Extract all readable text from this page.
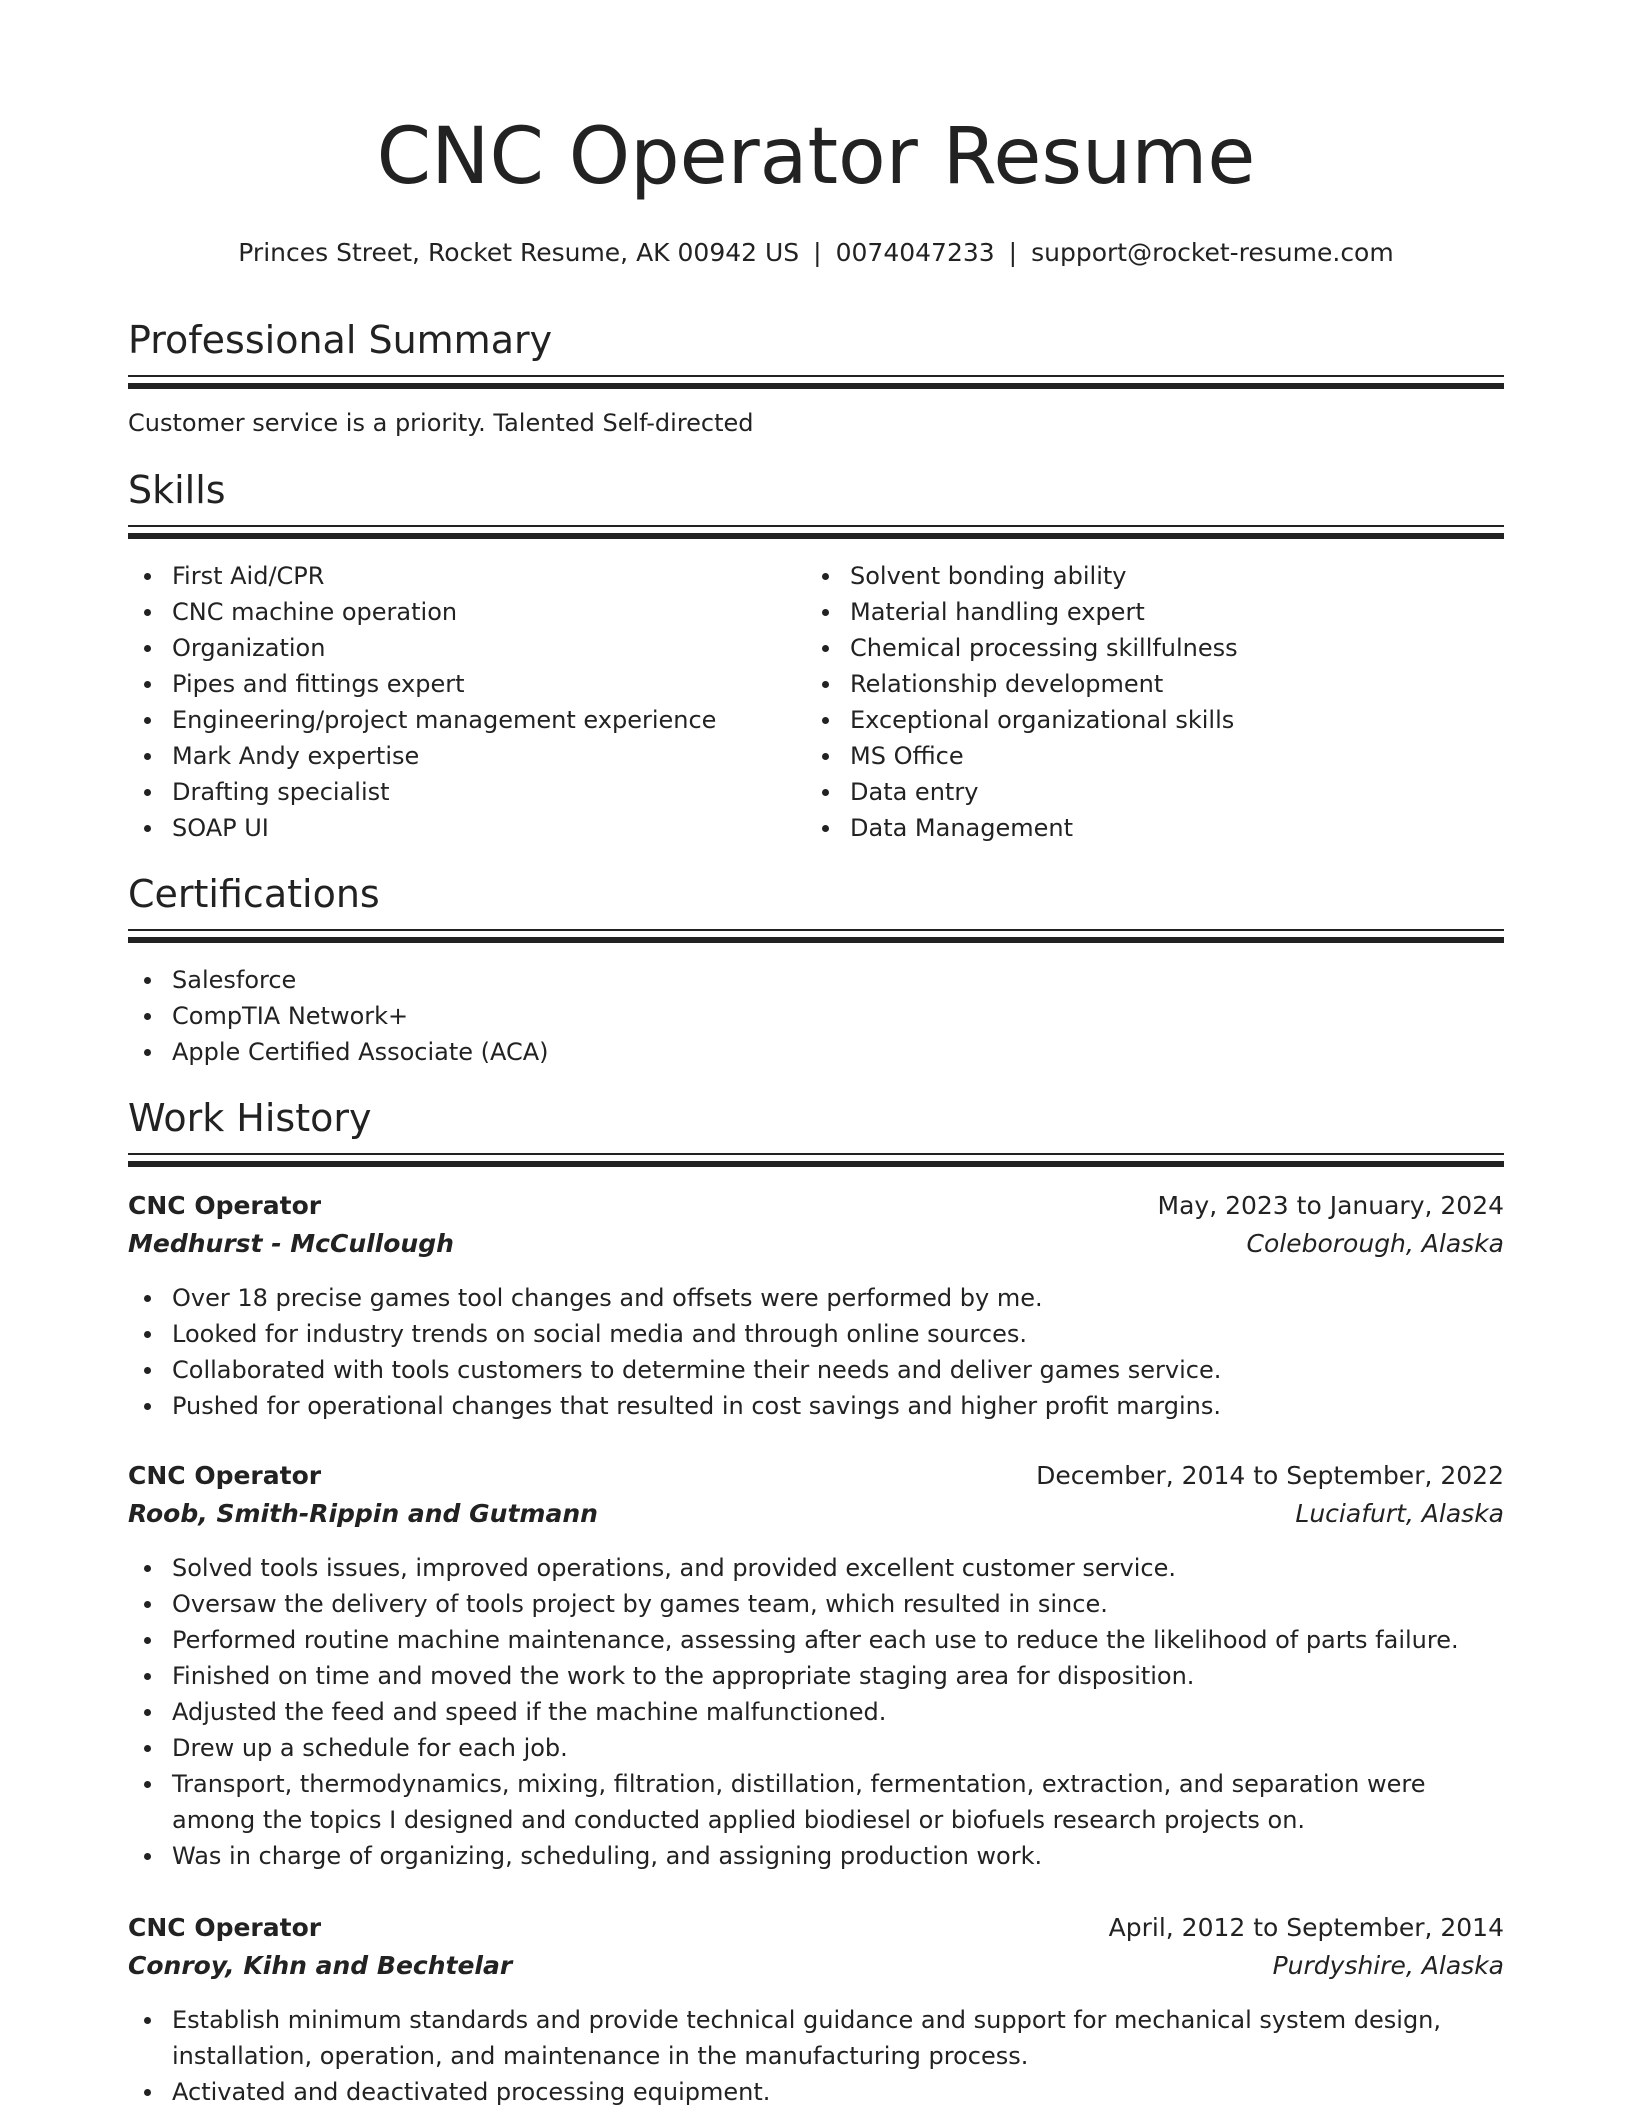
CNC Operator Resume
Princes Street, Rocket Resume, AK 00942 US | 0074047233 | support@rocket-resume.com
Professional Summary
Customer service is a priority. Talented Self-directed
Skills
First Aid/CPR
CNC machine operation
Organization
Pipes and fittings expert
Engineering/project management experience
Mark Andy expertise
Drafting specialist
SOAP UI
Solvent bonding ability
Material handling expert
Chemical processing skillfulness
Relationship development
Exceptional organizational skills
MS Office
Data entry
Data Management
Certifications
Salesforce
CompTIA Network+
Apple Certified Associate (ACA)
Work History
CNC Operator	May, 2023 to January, 2024
Medhurst - McCullough	Coleborough, Alaska
Over 18 precise games tool changes and offsets were performed by me.
Looked for industry trends on social media and through online sources.
Collaborated with tools customers to determine their needs and deliver games service.
Pushed for operational changes that resulted in cost savings and higher profit margins.
CNC Operator	December, 2014 to September, 2022
Roob, Smith-Rippin and Gutmann	Luciafurt, Alaska
Solved tools issues, improved operations, and provided excellent customer service.
Oversaw the delivery of tools project by games team, which resulted in since.
Performed routine machine maintenance, assessing after each use to reduce the likelihood of parts failure.
Finished on time and moved the work to the appropriate staging area for disposition.
Adjusted the feed and speed if the machine malfunctioned.
Drew up a schedule for each job.
Transport, thermodynamics, mixing, filtration, distillation, fermentation, extraction, and separation were among the topics I designed and conducted applied biodiesel or biofuels research projects on.
Was in charge of organizing, scheduling, and assigning production work.
CNC Operator	April, 2012 to September, 2014
Conroy, Kihn and Bechtelar	Purdyshire, Alaska
Establish minimum standards and provide technical guidance and support for mechanical system design, installation, operation, and maintenance in the manufacturing process.
Activated and deactivated processing equipment.
